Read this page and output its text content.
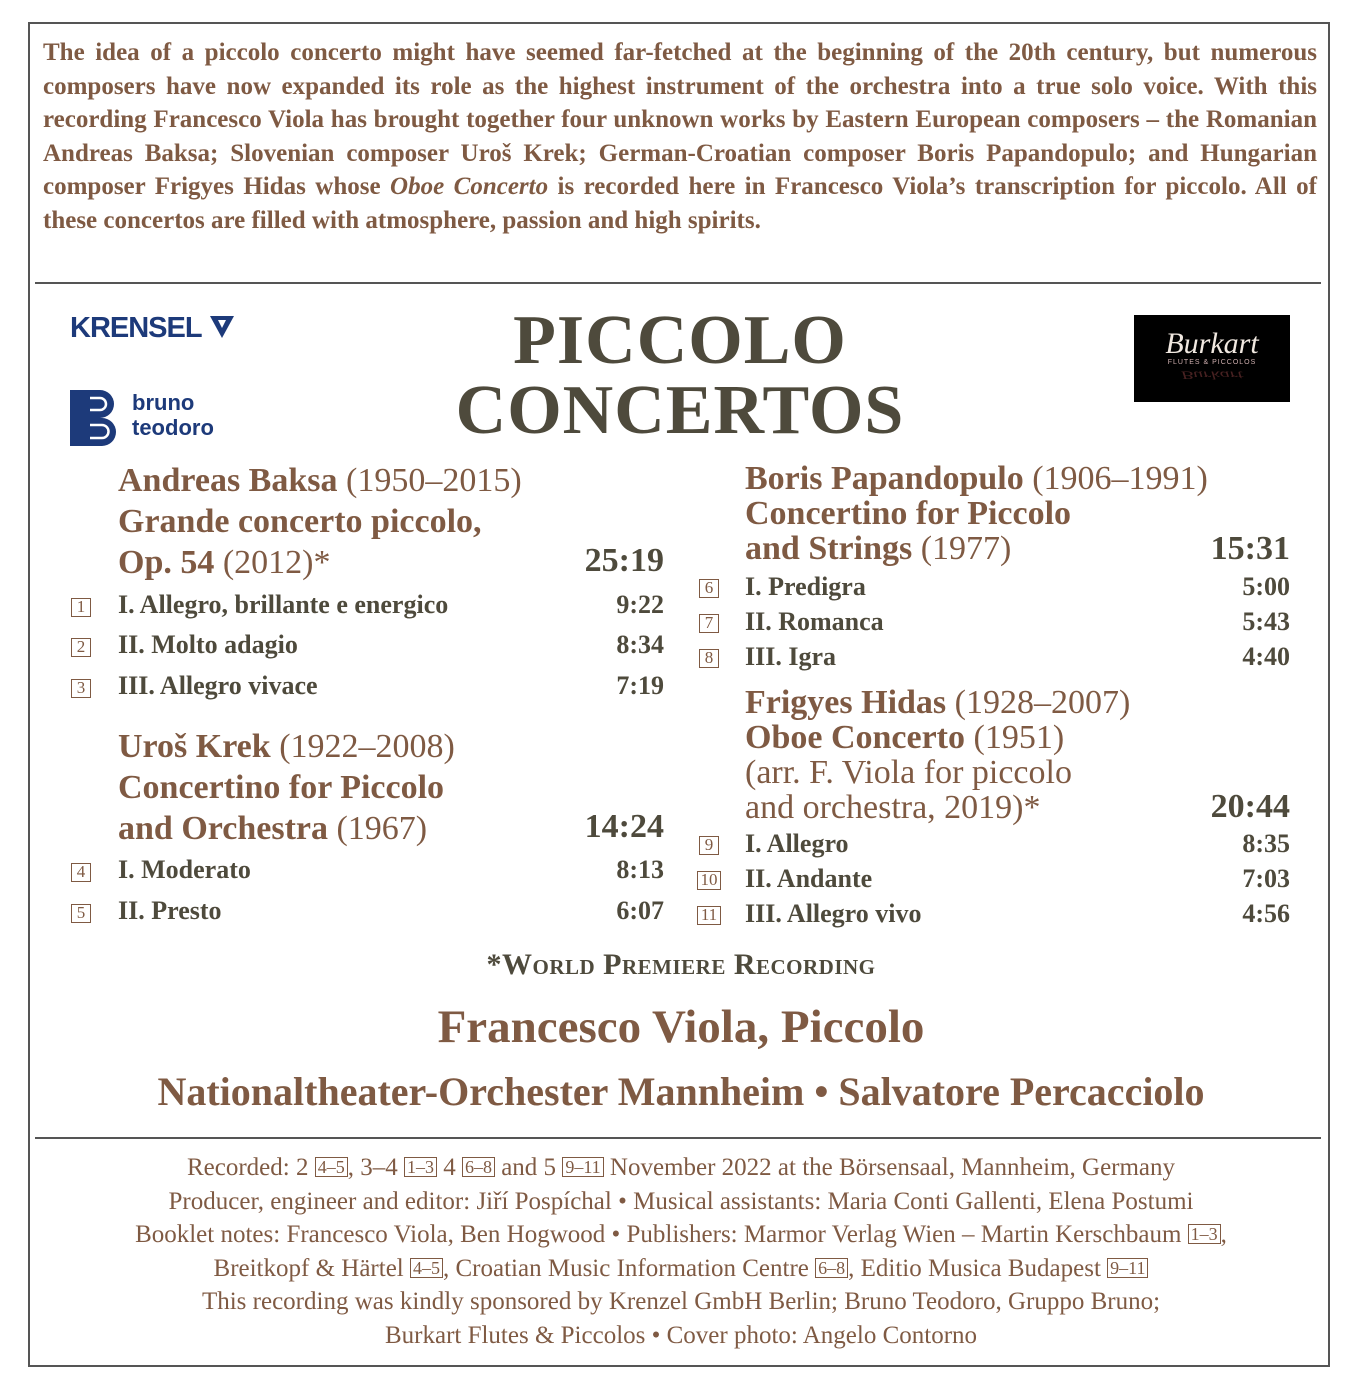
The idea of a piccolo concerto might have seemed far-fetched at the beginning of the 20th century, but numerous composers have now expanded its role as the highest instrument of the orchestra into a true solo voice. With this recording Francesco Viola has brought together four unknown works by Eastern European composers – the Romanian Andreas Baksa; Slovenian composer Uroš Krek; German-Croatian composer Boris Papandopulo; and Hungarian composer Frigyes Hidas whose Oboe Concerto is recorded here in Francesco Viola’s transcription for piccolo. All of these concertos are filled with atmosphere, passion and high spirits.
KRENSEL
bruno
teodoro
Burkart
FLUTES & PICCOLOS
Burkart
PICCOLO
CONCERTOS
Andreas Baksa (1950–2015)
Grande concerto piccolo,
Op. 54 (2012)*	25:19
1 I. Allegro, brillante e energico	9:22
2 II. Molto adagio	8:34
3 III. Allegro vivace	7:19
Uroš Krek (1922–2008)
Concertino for Piccolo
and Orchestra (1967)	14:24
4 I. Moderato	8:13
5 II. Presto	6:07
Boris Papandopulo (1906–1991)
Concertino for Piccolo
and Strings (1977)	15:31
6 I. Predigra	5:00
7 II. Romanca	5:43
8 III. Igra	4:40
Frigyes Hidas (1928–2007)
Oboe Concerto (1951)
(arr. F. Viola for piccolo
and orchestra, 2019)*	20:44
9 I. Allegro	8:35
10 II. Andante	7:03
11 III. Allegro vivo	4:56
*World Premiere Recording
Francesco Viola, Piccolo
Nationaltheater-Orchester Mannheim • Salvatore Percacciolo
Recorded: 2 4–5 , 3–4 1–3 4 6–8 and 5 9–11 November 2022 at the Börsensaal, Mannheim, Germany
Producer, engineer and editor: Jiří Pospíchal • Musical assistants: Maria Conti Gallenti, Elena Postumi
Booklet notes: Francesco Viola, Ben Hogwood • Publishers: Marmor Verlag Wien – Martin Kerschbaum 1–3 ,
Breitkopf & Härtel 4–5 , Croatian Music Information Centre 6–8 , Editio Musica Budapest 9–11
This recording was kindly sponsored by Krenzel GmbH Berlin; Bruno Teodoro, Gruppo Bruno;
Burkart Flutes & Piccolos • Cover photo: Angelo Contorno
